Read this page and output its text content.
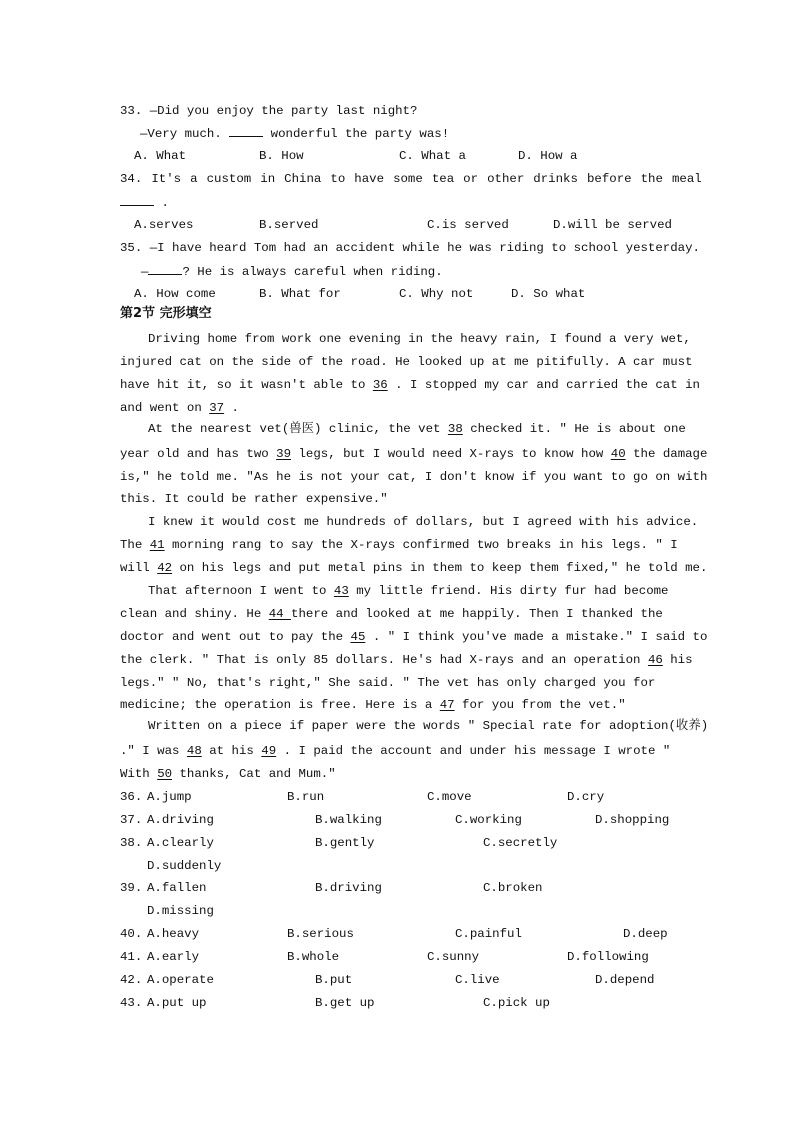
33. —Did you enjoy the party last night?
—Very much.	wonderful the party was!
A. What	B. How	C. What a	D. How a
34. It's a custom in China to have some tea or other drinks before the meal
.
A.serves	B.served	C.is served	D.will be served
35. —I have heard Tom had an accident while he was riding to school yesterday.
—	? He is always careful when riding.
A. How come	B. What for	C. Why not	D. So what
第2节 完形填空
Driving home from work one evening in the heavy rain, I found a very wet,
injured cat on the side of the road. He looked up at me pitifully. A car must
have hit it, so it wasn't able to 36 . I stopped my car and carried the cat in
and went on 37 .
At the nearest vet(兽医) clinic, the vet 38 checked it. " He is about one
year old and has two 39 legs, but I would need X-rays to know how 40 the damage
is," he told me. "As he is not your cat, I don't know if you want to go on with
this. It could be rather expensive."
I knew it would cost me hundreds of dollars, but I agreed with his advice.
The 41 morning rang to say the X-rays confirmed two breaks in his legs. " I
will 42 on his legs and put metal pins in them to keep them fixed," he told me.
That afternoon I went to 43 my little friend. His dirty fur had become
clean and shiny. He 44 there and looked at me happily. Then I thanked the
doctor and went out to pay the 45 . " I think you've made a mistake." I said to
the clerk. " That is only 85 dollars. He's had X-rays and an operation 46 his
legs." " No, that's right," She said. " The vet has only charged you for
medicine; the operation is free. Here is a 47 for you from the vet."
Written on a piece if paper were the words " Special rate for adoption(收养)
." I was 48 at his 49 . I paid the account and under his message I wrote "
With 50 thanks, Cat and Mum."
36. A.jump	B.run	C.move	D.cry
37. A.driving	B.walking	C.working	D.shopping
38. A.clearly	B.gently	C.secretly
D.suddenly
39. A.fallen	B.driving	C.broken
D.missing
40. A.heavy	B.serious	C.painful	D.deep
41. A.early	B.whole	C.sunny	D.following
42. A.operate	B.put	C.live	D.depend
43. A.put up	B.get up	C.pick up
